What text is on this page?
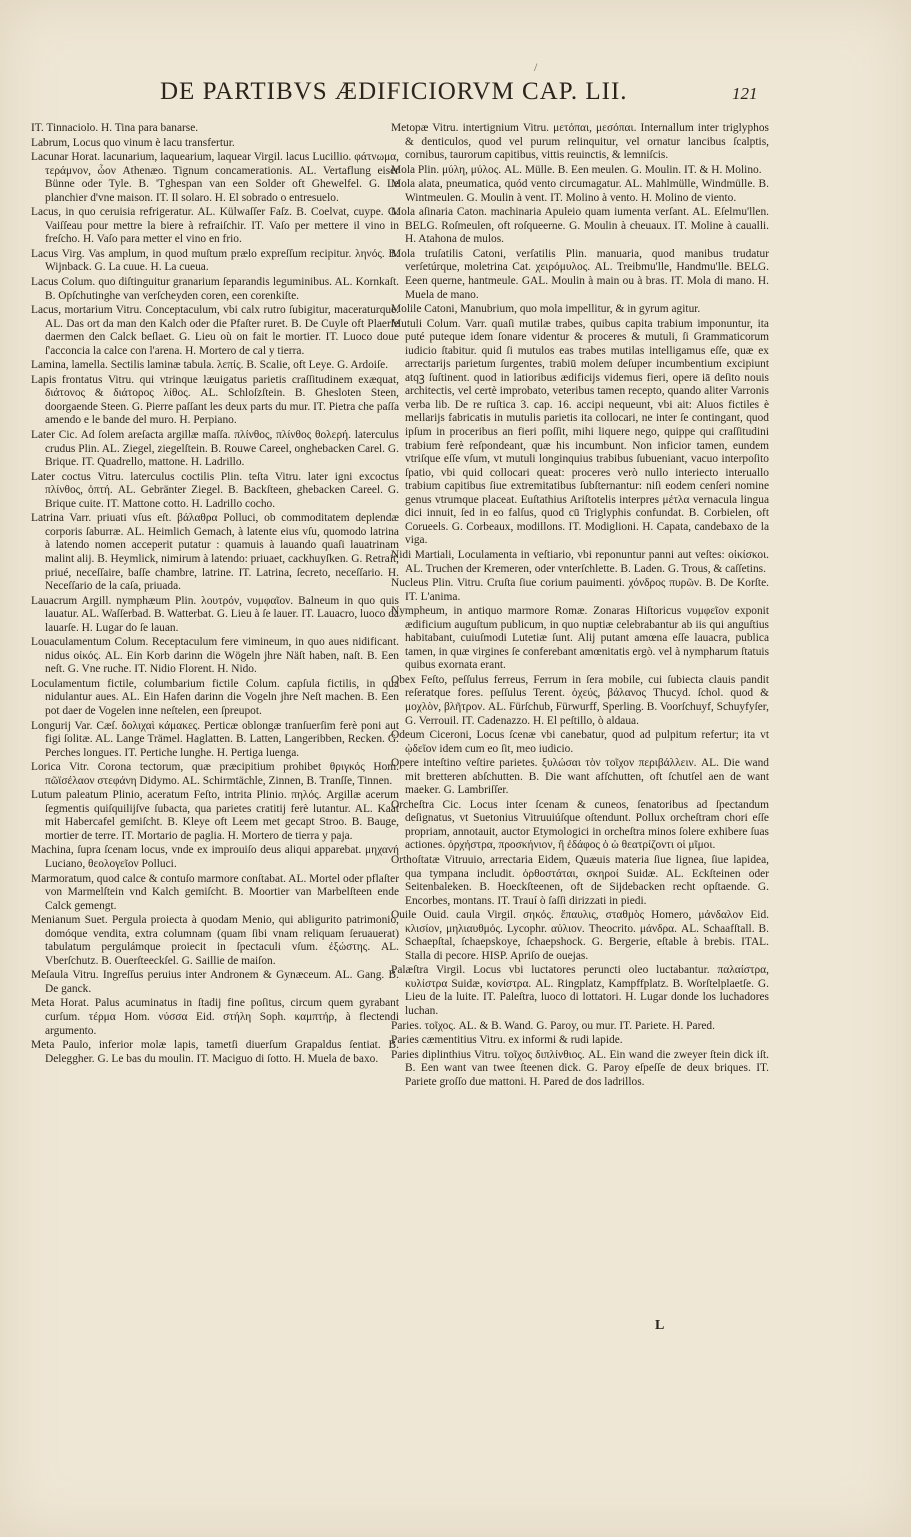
/
DE PARTIBVS ÆDIFICIORVM CAP. LII.	121

IT. Tinnaciolo. H. Tina para banarse.

Labrum, Locus quo vinum è lacu transfertur.

Lacunar Horat. lacunarium, laquearium, laquear Virgil. lacus Lucillio. φάτνωμα, τεράμνον, ὦον Athenæo. Tignum concamerationis. AL. Vertaflung eiser Bünne oder Tyle. B. 'Tghespan van een Solder oft Ghewelfel. G. Le planchier d'vne maison. IT. Il solaro. H. El sobrado o entresuelo.

Lacus, in quo ceruisia refrigeratur. AL. Külwaſſer Faſz. B. Coelvat, cuype. G. Vaiſſeau pour mettre la biere à refraiſchir. IT. Vaſo per mettere il vino in freſcho. H. Vaſo para metter el vino en frio.

Lacus Virg. Vas amplum, in quod muſtum prælo expreſſum recipitur. ληνός. B. Wijnback. G. La cuue. H. La cueua.

Lacus Colum. quo diſtinguitur granarium ſeparandis leguminibus. AL. Kornkaſt. B. Opſchutinghe van verſcheyden coren, een corenkiſte.

Lacus, mortarium Vitru. Conceptaculum, vbi calx rutro ſubigitur, maceraturque. AL. Das ort da man den Kalch oder die Pfaſter ruret. B. De Cuyle oft Plaerſe daermen den Calck beſlaet. G. Lieu où on fait le mortier. IT. Luoco doue ſ'acconcia la calce con l'arena. H. Mortero de cal y tierra.

Lamina, lamella. Sectilis laminæ tabula. λεπίς. B. Scalie, oft Leye. G. Ardoiſe.

Lapis frontatus Vitru. qui vtrinque læuigatus parietis craſſitudinem exæquat, διάτονος & διάτορος λίθος. AL. Schloſzſtein. B. Ghesloten Steen, doorgaende Steen. G. Pierre paſſant les deux parts du mur. IT. Pietra che paſſa amendo e le bande del muro. H. Perpiano.

Later Cic. Ad ſolem areſacta argillæ maſſa. πλίνθος, πλίνθος θολερή. laterculus crudus Plin. AL. Ziegel, ziegelſtein. B. Rouwe Careel, onghebacken Carel. G. Brique. IT. Quadrello, mattone. H. Ladrillo.

Later coctus Vitru. laterculus coctilis Plin. teſta Vitru. later igni excoctus πλίνθος, ὀπτή. AL. Gebränter Ziegel. B. Backſteen, ghebacken Careel. G. Brique cuite. IT. Mattone cotto. H. Ladrillo cocho.

Latrina Varr. priuati vſus eſt. βάλαθρα Polluci, ob commoditatem deplendæ corporis ſaburræ. AL. Heimlich Gemach, à latente eius vſu, quomodo latrina à latendo nomen acceperit putatur : quamuis à lauando quaſi lauatrinam malint alij. B. Heymlick, nimirum à latendo: priuaet, cackhuyſken. G. Retrait, priué, neceſſaire, baſſe chambre, latrine. IT. Latrina, ſecreto, neceſſario. H. Neceſſario de la caſa, priuada.

Lauacrum Argill. nymphæum Plin. λουτρόν, νυμφαῖον. Balneum in quo quis lauatur. AL. Waſſerbad. B. Watterbat. G. Lieu à ſe lauer. IT. Lauacro, luoco da lauarſe. H. Lugar do ſe lauan.

Louaculamentum Colum. Receptaculum fere vimineum, in quo aues nidificant. nidus οἰκός. AL. Ein Korb darinn die Wögeln jhre Näſt haben, naſt. B. Een neſt. G. Vne ruche. IT. Nidio Florent. H. Nido.

Loculamentum fictile, columbarium fictile Colum. capſula fictilis, in qua nidulantur aues. AL. Ein Hafen darinn die Vogeln jhre Neſt machen. B. Een pot daer de Vogelen inne neſtelen, een ſpreupot.

Longurij Var. Cæſ. δολιχαὶ κάμακες. Perticæ oblongæ tranſuerſim ferè poni aut figi ſolitæ. AL. Lange Trämel. Haglatten. B. Latten, Langeribben, Recken. G. Perches longues. IT. Pertiche lunghe. H. Pertiga luenga.

Lorica Vitr. Corona tectorum, quæ præcipitium prohibet θριγκός Hom. πῶϊσέλαον στεφάνη Didymo. AL. Schirmtächle, Zinnen, B. Tranſſe, Tinnen.

Lutum paleatum Plinio, aceratum Feſto, intrita Plinio. πηλός. Argillæ acerum ſegmentis quiſquilijſve ſubacta, qua parietes cratitij ferè lutantur. AL. Kaat mit Habercafel gemiſcht. B. Kleye oft Leem met gecapt Stroo. B. Bauge, mortier de terre. IT. Mortario de paglia. H. Mortero de tierra y paja.

Machina, ſupra ſcenam locus, vnde ex improuiſo deus aliqui apparebat. μηχανή Luciano, θεολογεῖον Polluci.

Marmoratum, quod calce & contuſo marmore conſtabat. AL. Mortel oder pflaſter von Marmelſtein vnd Kalch gemiſcht. B. Moortier van Marbelſteen ende Calck gemengt.

Menianum Suet. Pergula proiecta à quodam Menio, qui abligurito patrimonio, domóque vendita, extra columnam (quam ſibi vnam reliquam ſeruauerat) tabulatum pergulámque proiecit in ſpectaculi vſum. ἐξώστης. AL. Vberſchutz. B. Ouerſteeckſel. G. Saillie de maiſon.

Meſaula Vitru. Ingreſſus peruius inter Andronem & Gynæceum. AL. Gang. B. De ganck.

Meta Horat. Palus acuminatus in ſtadij fine poſitus, circum quem gyrabant curſum. τέρμα Hom. νύσσα Eid. στήλη Soph. καμπτήρ, à flectendi argumento.

Meta Paulo, inferior molæ lapis, tametſi diuerſum Grapaldus ſentiat. B. Deleggher. G. Le bas du moulin. IT. Maciguo di ſotto. H. Muela de baxo.

Metopæ Vitru. intertignium Vitru. μετόπαι, μεσόπαι. Internallum inter triglyphos & denticulos, quod vel purum relinquitur, vel ornatur lancibus ſcalptis, cornibus, taurorum capitibus, vittis reuinctis, & lemniſcis.

Mola Plin. μύλη, μύλος. AL. Mülle. B. Een meulen. G. Moulin. IT. & H. Molino.

Mola alata, pneumatica, quód vento circumagatur. AL. Mahlmülle, Windmülle. B. Wintmeulen. G. Moulin à vent. IT. Molino à vento. H. Molino de viento.

Mola aſinaria Caton. machinaria Apuleio quam iumenta verſant. AL. Eſelmu'llen. BELG. Roſmeulen, oft roſqueerne. G. Moulin à cheuaux. IT. Moline à caualli. H. Atahona de mulos.

Mola truſatilis Catoni, verſatilis Plin. manuaria, quod manibus trudatur verſetúrque, moletrina Cat. χειρόμυλος. AL. Treibmu'lle, Handmu'lle. BELG. Eeen querne, hantmeule. GAL. Moulin à main ou à bras. IT. Mola di mano. H. Muela de mano.

Molile Catoni, Manubrium, quo mola impellitur, & in gyrum agitur.

Mutuli Colum. Varr. quaſi mutilæ trabes, quibus capita trabium imponuntur, ita puté puteque idem ſonare videntur & proceres & mutuli, ſi Grammaticorum iudicio ſtabitur. quid ſi mutulos eas trabes mutilas intelligamus eſſe, quæ ex arrectarijs parietum ſurgentes, trabiū molem deſuper incumbentium excipiunt atqꝫ ſuſtinent. quod in latioribus ædificijs videmus fieri, opere iā deſito nouis architectis, vel certè improbato, veteribus tamen recepto, quando aliter Varronis verba lib. De re ruſtica 3. cap. 16. accipi nequeunt, vbi ait: Aluos fictiles è mellarijs fabricatis in mutulis parietis ita collocari, ne inter ſe contingant, quod ipſum in proceribus an fieri poſſit, mihi liquere nego, quippe qui craſſitudini trabium ferè reſpondeant, quæ his incumbunt. Non inficior tamen, eundem vtriſque eſſe vſum, vt mutuli longinquius trabibus ſubueniant, vacuo interpoſito ſpatio, vbi quid collocari queat: proceres verò nullo interiecto interuallo trabium capitibus ſiue extremitatibus ſubſternantur: niſi eodem cenſeri nomine genus vtrumque placeat. Euſtathius Ariſtotelis interpres μέτλα vernacula lingua dici innuit, ſed in eo falſus, quod cū Triglyphis confundat. B. Corbielen, oft Corueels. G. Corbeaux, modillons. IT. Modiglioni. H. Capata, candebaxo de la viga.

Nidi Martiali, Loculamenta in veſtiario, vbi reponuntur panni aut veſtes: οἰκίσκοι. AL. Truchen der Kremeren, oder vnterſchlette. B. Laden. G. Trous, & caſſetins.

Nucleus Plin. Vitru. Cruſta ſiue corium pauimenti. χόνδρος πυρῶν. B. De Korſte. IT. L'anima.

Nympheum, in antiquo marmore Romæ. Zonaras Hiſtoricus νυμφεῖον exponit ædificium auguſtum publicum, in quo nuptiæ celebrabantur ab iis qui anguſtius habitabant, cuiuſmodi Lutetiæ ſunt. Alij putant amœna eſſe lauacra, publica tamen, in quæ virgines ſe conferebant amœnitatis ergò. vel à nympharum ſtatuis quibus exornata erant.

Obex Feſto, peſſulus ferreus, Ferrum in ſera mobile, cui ſubiecta clauis pandit reſeratque fores. peſſulus Terent. ὀχεύς, βάλανος Thucyd. ſchol. quod & μοχλὸν, βλῆτρον. AL. Fürſchub, Fürwurff, Sperling. B. Voorſchuyf, Schuyfyſer, G. Verrouil. IT. Cadenazzo. H. El peſtillo, ò aldaua.

Odeum Ciceroni, Locus ſcenæ vbi canebatur, quod ad pulpitum refertur; ita vt ᾠδεῖον idem cum eo ſit, meo iudicio.

Opere inteſtino veſtire parietes. ξυλώσαι τὸν τοῖχον περιβάλλειν. AL. Die wand mit bretteren abſchutten. B. Die want afſchutten, oft ſchutſel aen de want maeker. G. Lambriſſer.

Orcheſtra Cic. Locus inter ſcenam & cuneos, ſenatoribus ad ſpectandum deſignatus, vt Suetonius Vitruuiúſque oſtendunt. Pollux orcheſtram chori eſſe propriam, annotauit, auctor Etymologici in orcheſtra minos ſolere exhibere ſuas actiones. ὀρχήστρα, προσκήνιον, ἢ ἐδάφος ὁ ὡ θεατρίζοντι οἱ μῖμοι.

Orthoſtatæ Vitruuio, arrectaria Eidem, Quæuis materia ſiue lignea, ſiue lapidea, qua tympana includit. ὀρθοστάται, σκηροί Suidæ. AL. Eckſteinen oder Seitenbaleken. B. Hoeckſteenen, oft de Sijdebacken recht opſtaende. G. Encorbes, montans. IT. Trauí ò ſaſſi dirizzati in piedi.

Ouile Ouid. caula Virgil. σηκός. ἔπαυλις, σταθμὸς Homero, μάνδαλον Eid. κλισίον, μηλιαυθμός. Lycophr. αὐλιον. Theocrito. μάνδρα. AL. Schaafſtall. B. Schaepſtal, ſchaepskoye, ſchaepshock. G. Bergerie, eſtable à brebis. ITAL. Stalla di pecore. HISP. Apriſo de ouejas.

Palæſtra Virgil. Locus vbi luctatores peruncti oleo luctabantur. παλαίστρα, κυλίστρα Suidæ, κονίστρα. AL. Ringplatz, Kampffplatz. B. Worſtelplaetſe. G. Lieu de la luite. IT. Paleſtra, luoco di lottatori. H. Lugar donde los luchadores luchan.

Paries. τοῖχος. AL. & B. Wand. G. Paroy, ou mur. IT. Pariete. H. Pared.

Paries cæmentitius Vitru. ex informi & rudi lapide.

Paries diplinthius Vitru. τοῖχος διπλίνθιος. AL. Ein wand die zweyer ſtein dick iſt. B. Een want van twee ſteenen dick. G. Paroy eſpeſſe de deux briques. IT. Pariete groſſo due mattoni. H. Pared de dos ladrillos.

L
